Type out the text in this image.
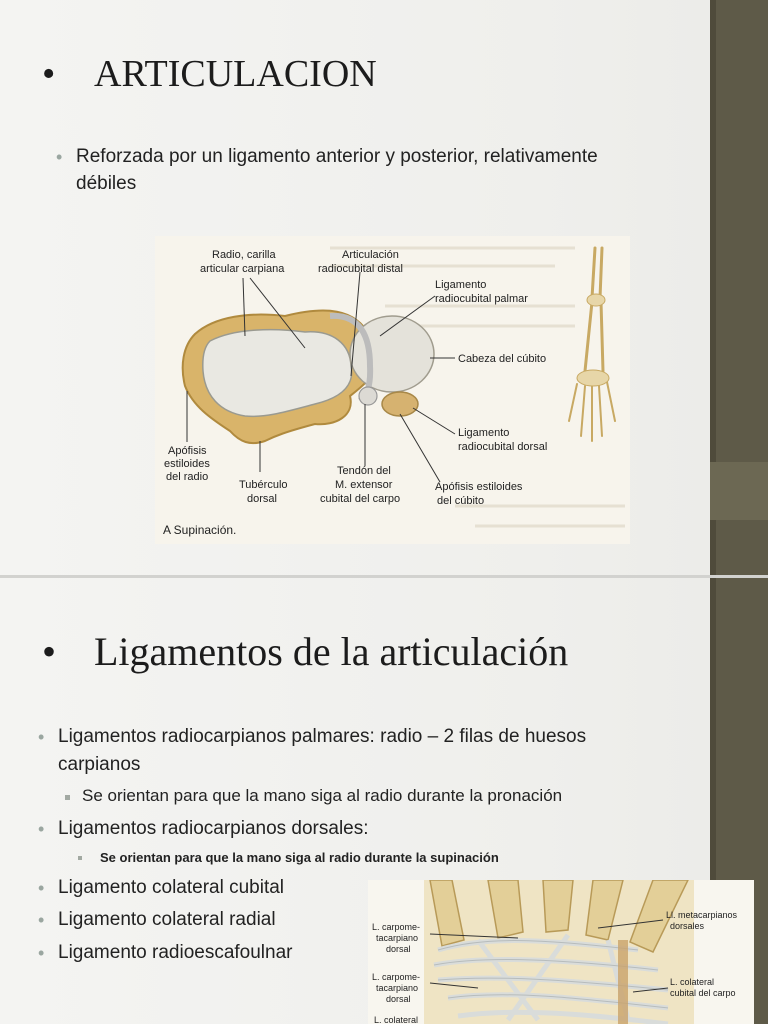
• ARTICULACION
• Reforzada por un ligamento anterior y posterior, relativamente
débiles
Radio, carilla
articular carpiana
Articulación
radiocubital distal
Ligamento
radiocubital palmar
Cabeza del cúbito
Ligamento
radiocubital dorsal
Apófisis
estiloides
del radio
Tubérculo
dorsal
Tendón del
M. extensor
cubital del carpo
Apófisis estiloides
del cúbito
A Supinación.
• Ligamentos de la articulación
• Ligamentos radiocarpianos palmares: radio – 2 filas de huesos
carpianos
Se orientan para que la mano siga al radio durante la pronación
• Ligamentos radiocarpianos dorsales:
Se orientan para que la mano siga al radio durante la supinación
• Ligamento colateral cubital
• Ligamento colateral radial
• Ligamento radioescafoulnar
L. carpome-
tacarpiano
dorsal
L. carpome-
tacarpiano
dorsal
L. colateral
Ll. metacarpianos
dorsales
L. colateral
cubital del carpo
